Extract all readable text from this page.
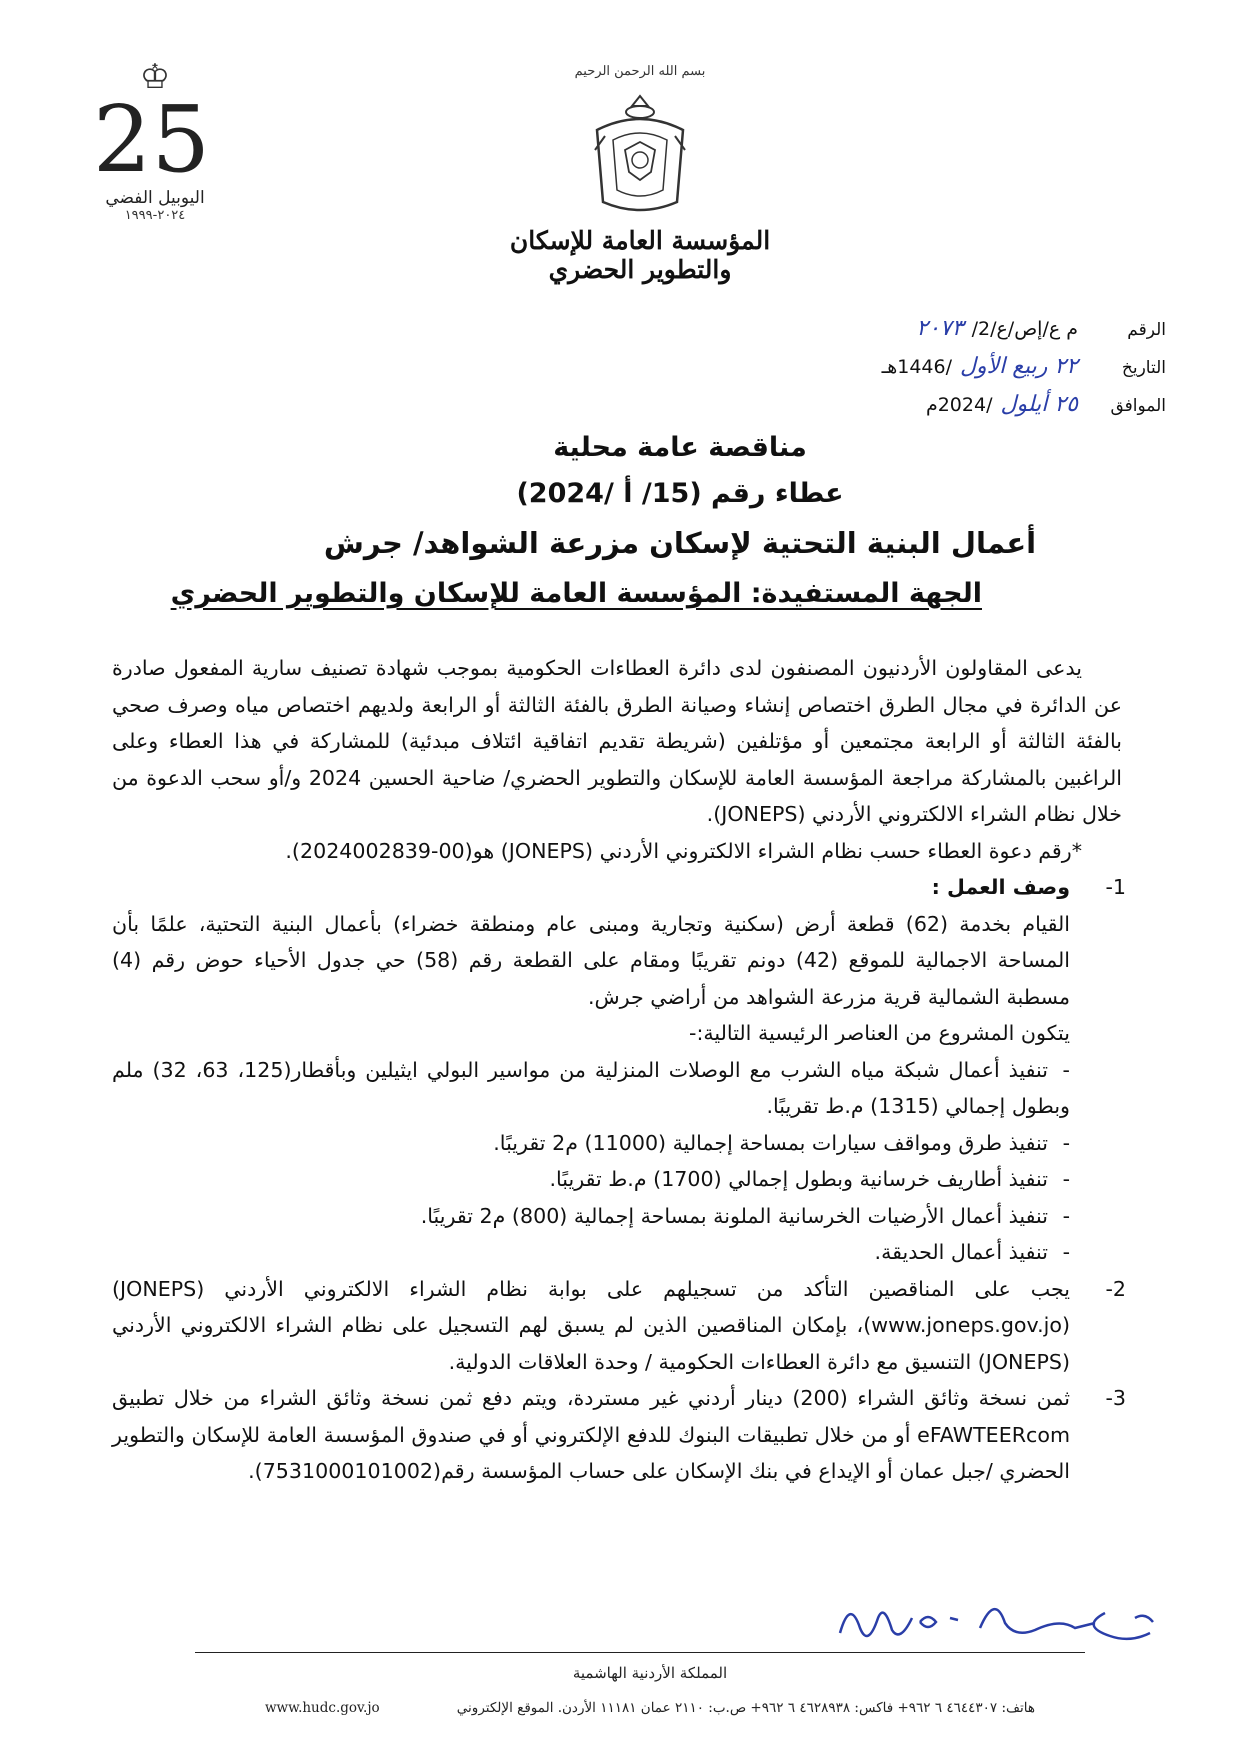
♔
25
اليوبيل الفضي
٢٠٢٤-١٩٩٩
بسم الله الرحمن الرحيم
المؤسسة العامة للإسكان والتطوير الحضري
الرقم
م ع/إص/ع/2/
٢٠٧٣
التاريخ
٢٢ ربيع الأول
/1446هـ
الموافق
٢٥ أيلول
/2024م
مناقصة عامة محلية
عطاء رقم (15/ أ /2024)
أعمال البنية التحتية لإسكان مزرعة الشواهد/ جرش
الجهة المستفيدة: المؤسسة العامة للإسكان والتطوير الحضري

يدعى المقاولون الأردنيون المصنفون لدى دائرة العطاءات الحكومية بموجب شهادة تصنيف سارية المفعول صادرة عن الدائرة في مجال الطرق اختصاص إنشاء وصيانة الطرق بالفئة الثالثة أو الرابعة ولديهم اختصاص مياه وصرف صحي بالفئة الثالثة أو الرابعة مجتمعين أو مؤتلفين (شريطة تقديم اتفاقية ائتلاف مبدئية) للمشاركة في هذا العطاء وعلى الراغبين بالمشاركة مراجعة المؤسسة العامة للإسكان والتطوير الحضري/ ضاحية الحسين 2024 و/أو سحب الدعوة من خلال نظام الشراء الالكتروني الأردني (JONEPS).

*رقم دعوة العطاء حسب نظام الشراء الالكتروني الأردني (JONEPS) هو(00-2024002839).

1-
وصف العمل :

القيام بخدمة (62) قطعة أرض (سكنية وتجارية ومبنى عام ومنطقة خضراء) بأعمال البنية التحتية، علمًا بأن المساحة الاجمالية للموقع (42) دونم تقريبًا ومقام على القطعة رقم (58) حي جدول الأحياء حوض رقم (4) مسطبة الشمالية قرية مزرعة الشواهد من أراضي جرش.

يتكون المشروع من العناصر الرئيسية التالية:-

-تنفيذ أعمال شبكة مياه الشرب مع الوصلات المنزلية من مواسير البولي ايثيلين وبأقطار(125، 63، 32) ملم وبطول إجمالي (1315) م.ط تقريبًا.

-تنفيذ طرق ومواقف سيارات بمساحة إجمالية (11000) م2 تقريبًا.

-تنفيذ أطاريف خرسانية وبطول إجمالي (1700) م.ط تقريبًا.

-تنفيذ أعمال الأرضيات الخرسانية الملونة بمساحة إجمالية (800) م2 تقريبًا.

-تنفيذ أعمال الحديقة.

2-
يجب على المناقصين التأكد من تسجيلهم على بوابة نظام الشراء الالكتروني الأردني (JONEPS) (www.joneps.gov.jo)، بإمكان المناقصين الذين لم يسبق لهم التسجيل على نظام الشراء الالكتروني الأردني (JONEPS) التنسيق مع دائرة العطاءات الحكومية / وحدة العلاقات الدولية.
3-
ثمن نسخة وثائق الشراء (200) دينار أردني غير مستردة، ويتم دفع ثمن نسخة وثائق الشراء من خلال تطبيق eFAWTEERcom أو من خلال تطبيقات البنوك للدفع الإلكتروني أو في صندوق المؤسسة العامة للإسكان والتطوير الحضري /جبل عمان أو الإيداع في بنك الإسكان على حساب المؤسسة رقم(7531000101002).
المملكة الأردنية الهاشمية
www.hudc.gov.jo	هاتف: ٤٦٤٤٣٠٧ ٦ ٩٦٢+ فاكس: ٤٦٢٨٩٣٨ ٦ ٩٦٢+ ص.ب: ٢١١٠ عمان ١١١٨١ الأردن. الموقع الإلكتروني
